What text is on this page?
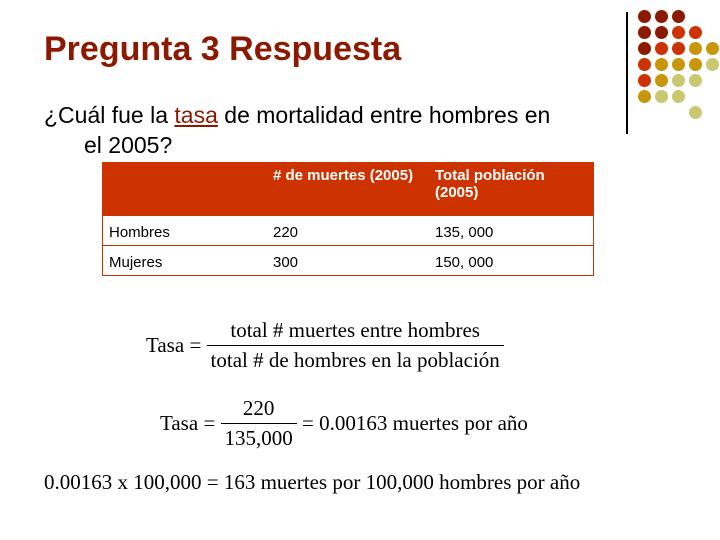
Pregunta 3 Respuesta

¿Cuál fue la tasa de mortalidad entre hombres en
el 2005?

	# de muertes (2005)	Total población (2005)
Hombres	220	135, 000
Mujeres	300	150, 000
Tasa = $\frac{\text{total \# muertes entre hombres}}{\text{total \# de hombres en la población}}$
Tasa = $\frac{220}{135,000} = 0.00163$ muertes por año
0.00163 x 100,000 = 163 muertes por 100,000 hombres por año
